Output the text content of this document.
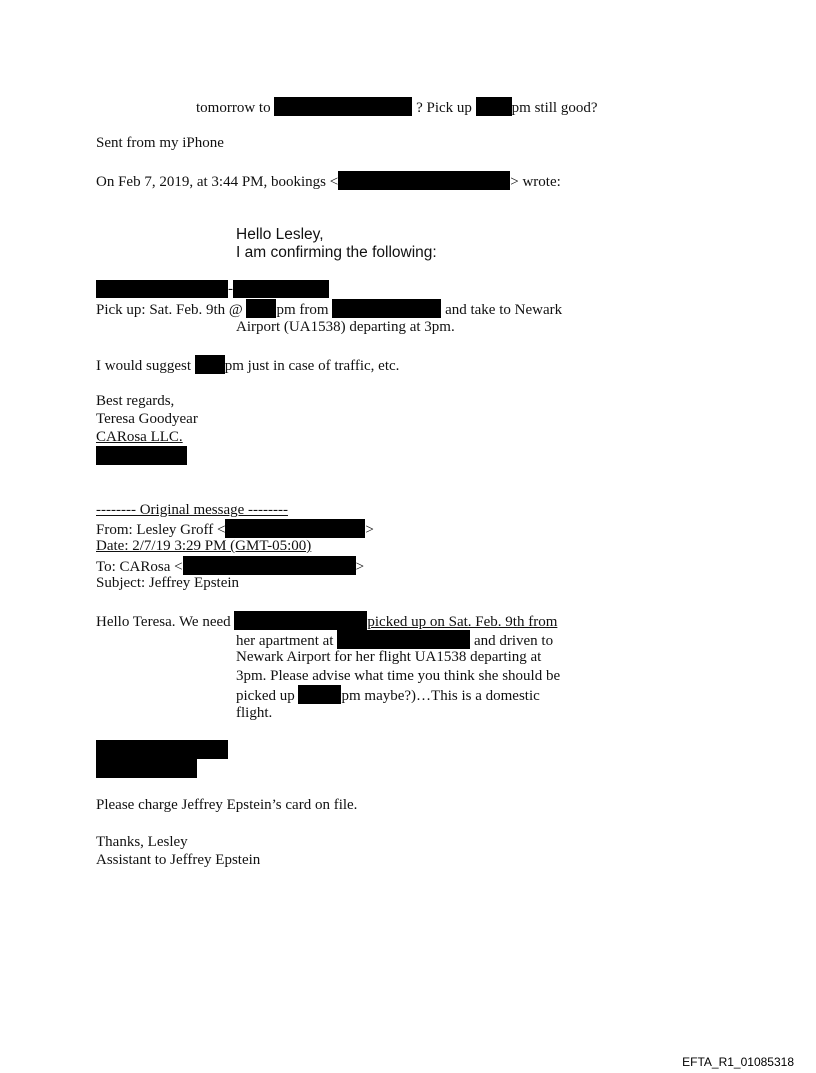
tomorrow to	? Pick up	pm still good?
Sent from my iPhone
On Feb 7, 2019, at 3:44 PM, bookings <	> wrote:
Hello Lesley,
I am confirming the following:
-
Pick up: Sat. Feb. 9th @ pm from	and take to Newark
Airport (UA1538) departing at 3pm.
I would suggest pm just in case of traffic, etc.
Best regards,
Teresa Goodyear
CARosa LLC.
-------- Original message --------
From: Lesley Groff <	>
Date: 2/7/19 3:29 PM (GMT-05:00)
To: CARosa <	>
Subject: Jeffrey Epstein
Hello Teresa. We need	picked up on Sat. Feb. 9th from
her apartment at	and driven to
Newark Airport for her flight UA1538 departing at
3pm. Please advise what time you think she should be
picked up	pm maybe?)…This is a domestic
flight.
Please charge Jeffrey Epstein’s card on file.
Thanks, Lesley
Assistant to Jeffrey Epstein
EFTA_R1_01085318
